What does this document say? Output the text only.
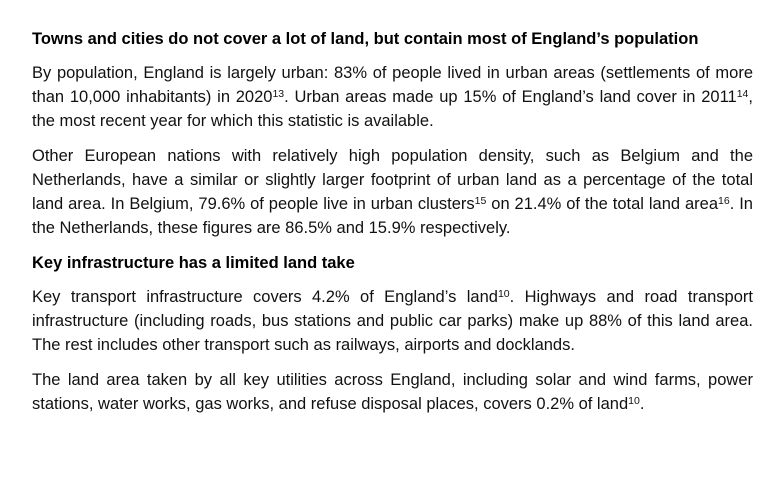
Towns and cities do not cover a lot of land, but contain most of England’s population

By population, England is largely urban: 83% of people lived in urban areas (settlements of more than 10,000 inhabitants) in 2020$^{13}$. Urban areas made up 15% of England’s land cover in 2011$^{14}$, the most recent year for which this statistic is available.

Other European nations with relatively high population density, such as Belgium and the Netherlands, have a similar or slightly larger footprint of urban land as a percentage of the total land area. In Belgium, 79.6% of people live in urban clusters$^{15}$ on 21.4% of the total land area$^{16}$. In the Netherlands, these figures are 86.5% and 15.9% respectively.

Key infrastructure has a limited land take

Key transport infrastructure covers 4.2% of England’s land$^{10}$. Highways and road transport infrastructure (including roads, bus stations and public car parks) make up 88% of this land area. The rest includes other transport such as railways, airports and docklands.

The land area taken by all key utilities across England, including solar and wind farms, power stations, water works, gas works, and refuse disposal places, covers 0.2% of land$^{10}$.
